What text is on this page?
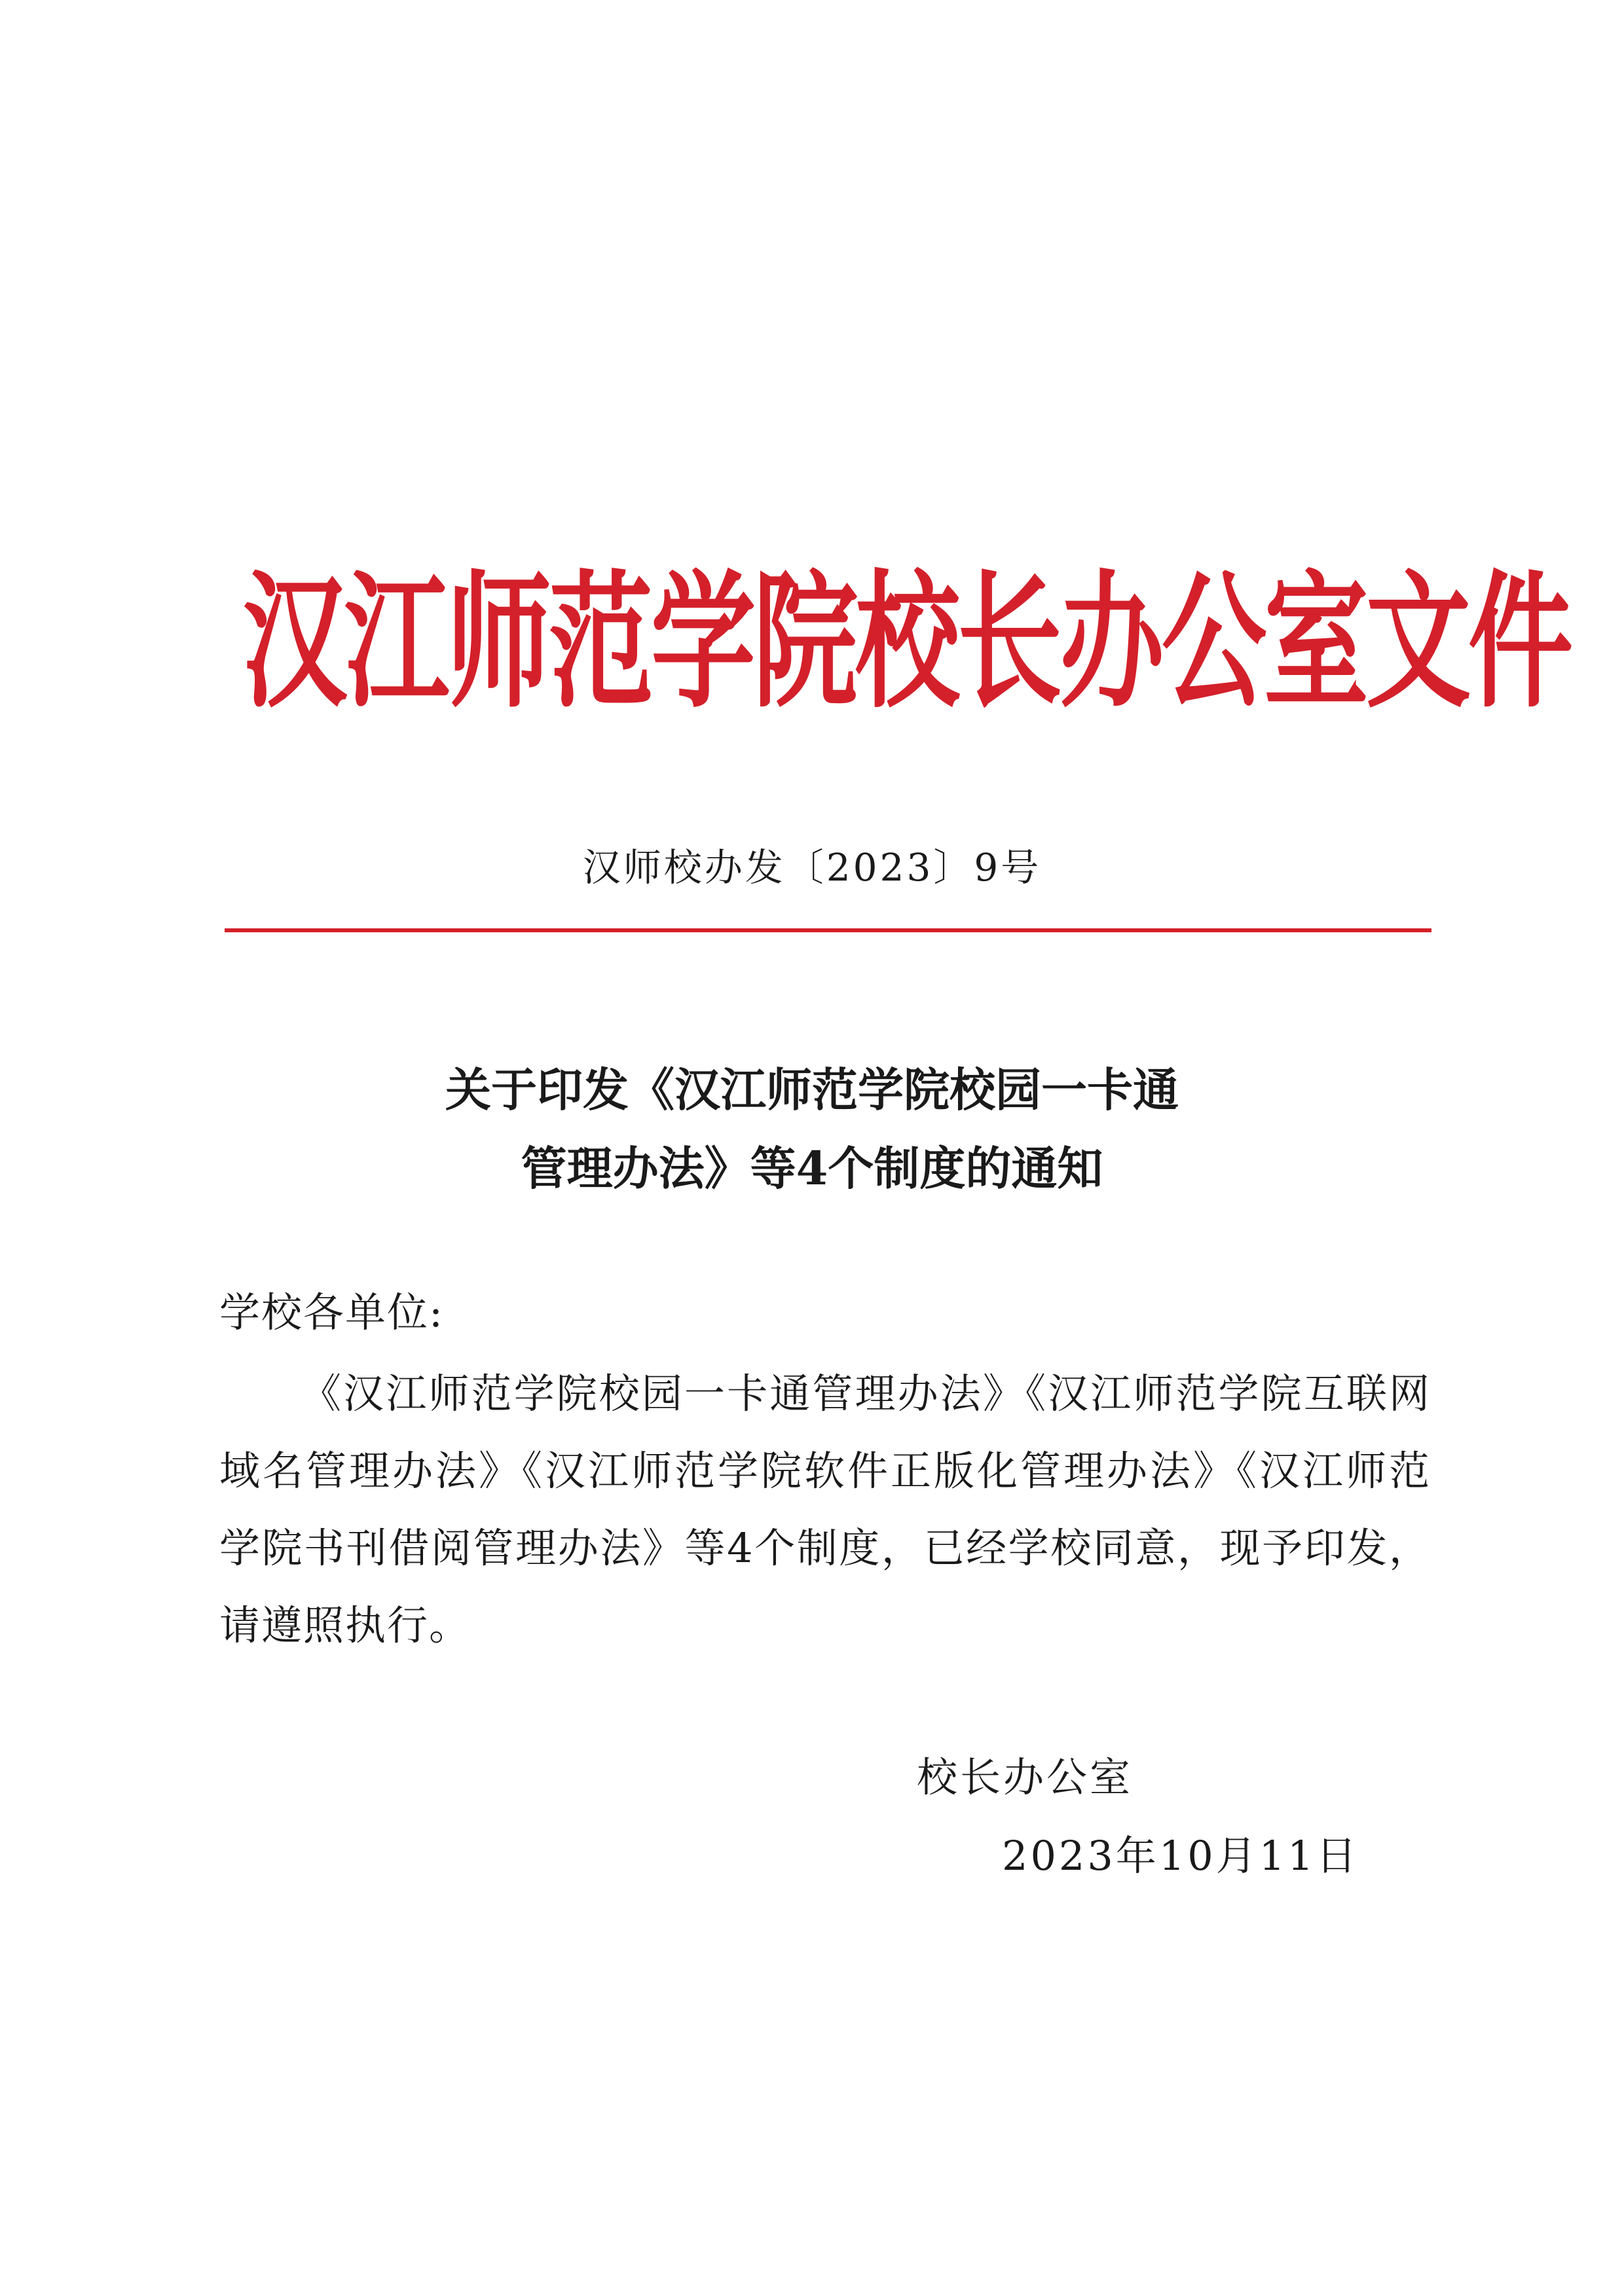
汉江师范学院校长办公室文件
汉师校办发〔2023〕9号
关于印发《汉江师范学院校园一卡通
管理办法》等4个制度的通知
学校各单位:
《汉江师范学院校园一卡通管理办法》《汉江师范学院互联网域名管理办法》《汉江师范学院软件正版化管理办法》《汉江师范学院书刊借阅管理办法》等4个制度，已经学校同意，现予印发，请遵照执行。
校长办公室
2023年10月11日
